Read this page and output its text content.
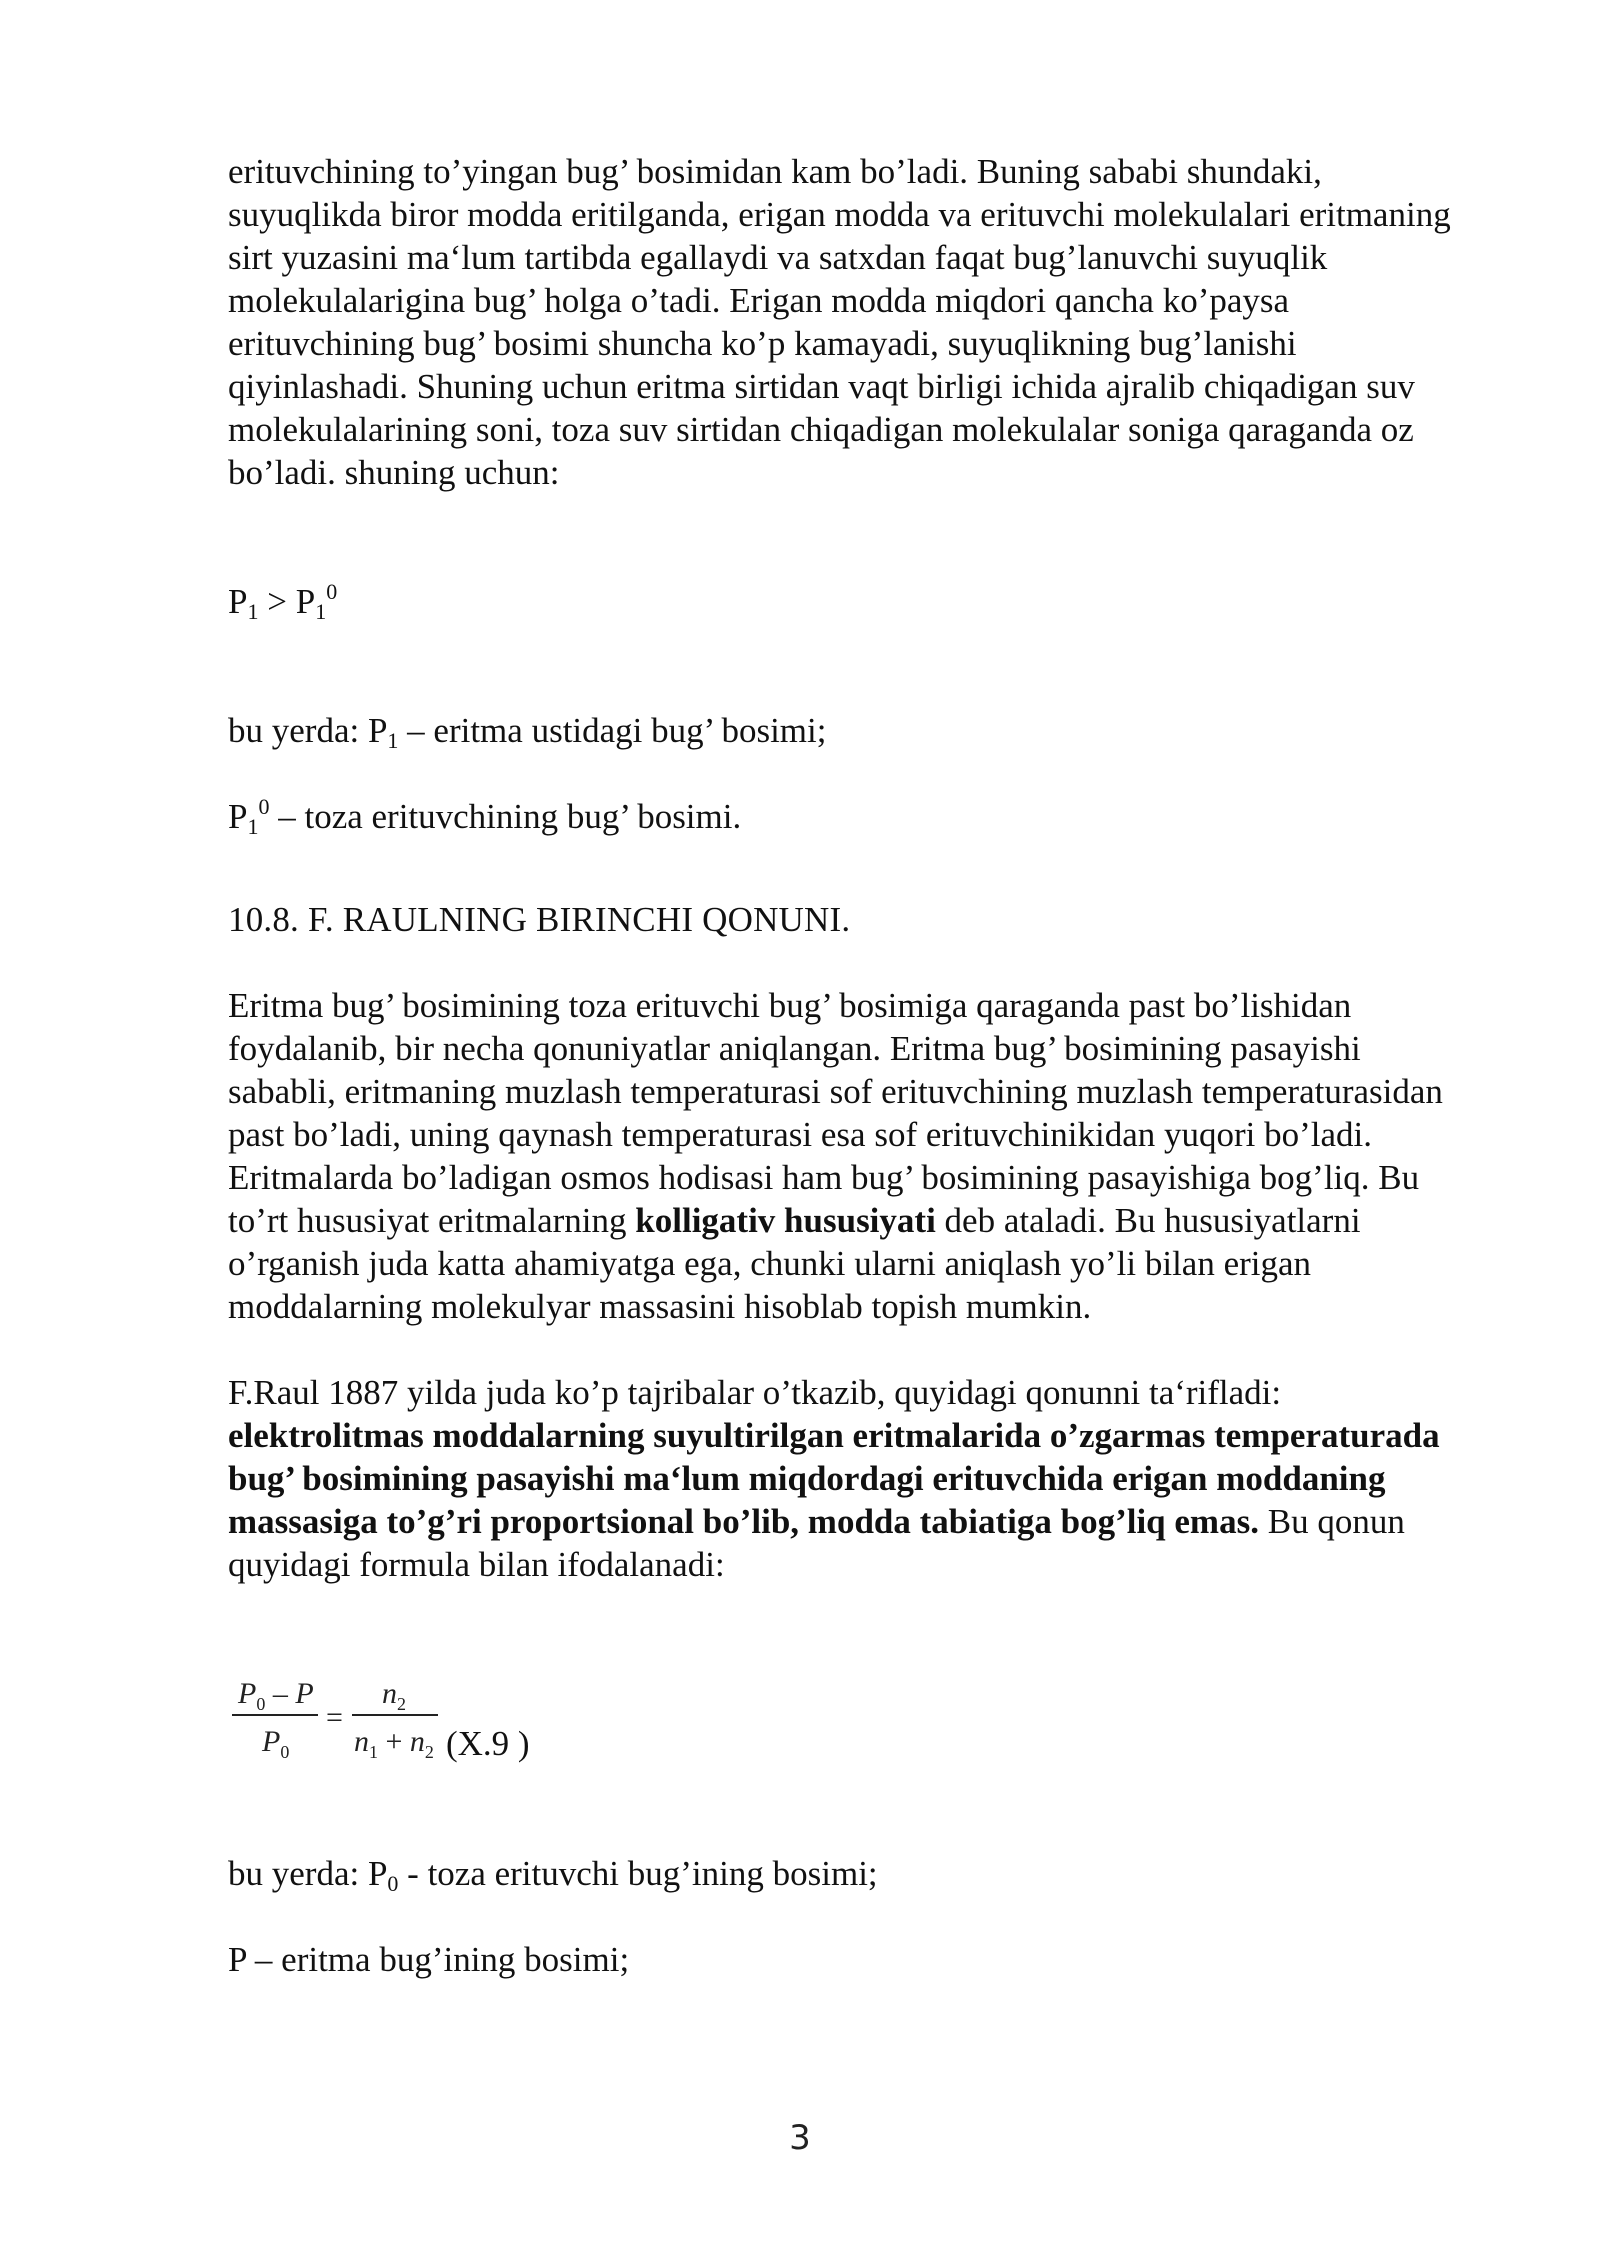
erituvchining to’yingan bug’ bosimidan kam bo’ladi. Buning sababi shundaki, suyuqlikda biror modda eritilganda, erigan modda va erituvchi molekulalari eritmaning sirt yuzasini ma‘lum tartibda egallaydi va satxdan faqat bug’lanuvchi suyuqlik molekulalarigina bug’ holga o’tadi. Erigan modda miqdori qancha ko’paysa erituvchining bug’ bosimi shuncha ko’p kamayadi, suyuqlikning bug’lanishi qiyinlashadi. Shuning uchun eritma sirtidan vaqt birligi ichida ajralib chiqadigan suv molekulalarining soni, toza suv sirtidan chiqadigan molekulalar soniga qaraganda oz bo’ladi. shuning uchun:

$P1 > P1^0$

bu yerda: P1 – eritma ustidagi bug’ bosimi;

$P1^0$ – toza erituvchining bug’ bosimi.

10.8. F. RAULNING BIRINCHI QONUNI.

Eritma bug’ bosimining toza erituvchi bug’ bosimiga qaraganda past bo’lishidan foydalanib, bir necha qonuniyatlar aniqlangan. Eritma bug’ bosimining pasayishi sababli, eritmaning muzlash temperaturasi sof erituvchining muzlash temperaturasidan past bo’ladi, uning qaynash temperaturasi esa sof erituvchinikidan yuqori bo’ladi. Eritmalarda bo’ladigan osmos hodisasi ham bug’ bosimining pasayishiga bog’liq. Bu to’rt hususiyat eritmalarning kolligativ hususiyati deb ataladi. Bu hususiyatlarni o’rganish juda katta ahamiyatga ega, chunki ularni aniqlash yo’li bilan erigan moddalarning molekulyar massasini hisoblab topish mumkin.

F.Raul 1887 yilda juda ko’p tajribalar o’tkazib, quyidagi qonunni ta‘rifladi: elektrolitmas moddalarning suyultirilgan eritmalarida o’zgarmas temperaturada bug’ bosimining pasayishi ma‘lum miqdordagi erituvchida erigan moddaning massasiga to’g’ri proportsional bo’lib, modda tabiatiga bog’liq emas. Bu qonun quyidagi formula bilan ifodalanadi:

$P_0$ – P
$P_0$
=
$n_2$
$n_1 + n_2$ (X.9 )

bu yerda: P0 - toza erituvchi bug’ining bosimi;

P – eritma bug’ining bosimi;

3
